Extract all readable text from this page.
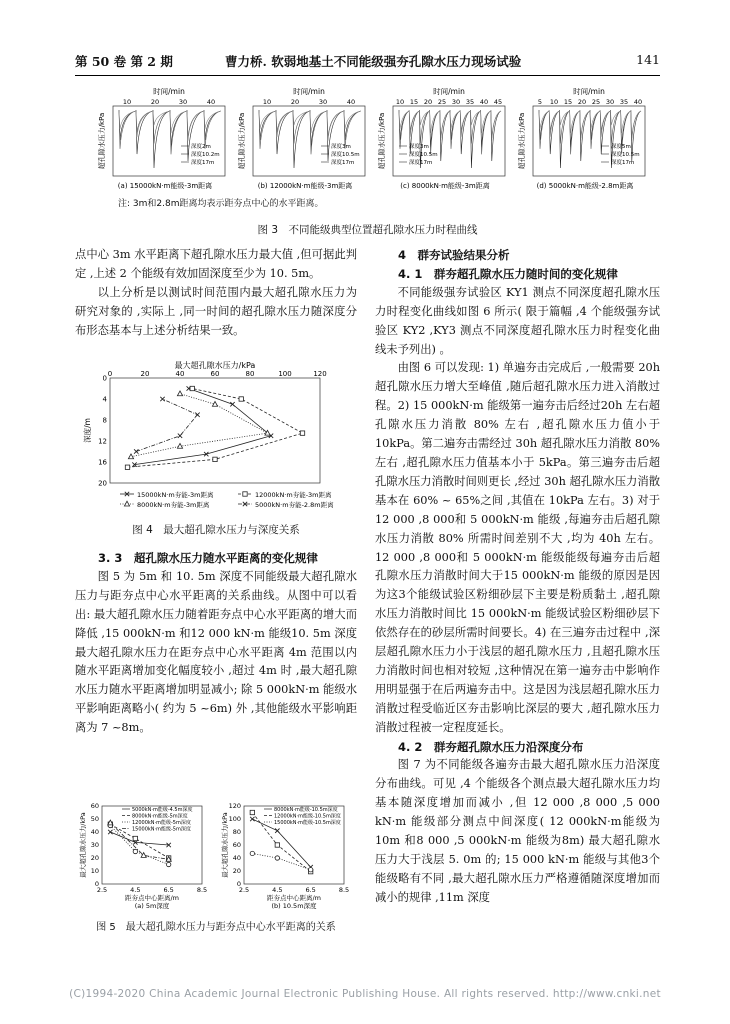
第 50 卷 第 2 期	曹力桥. 软弱地基土不同能级强夯孔隙水压力现场试验	141
时间/min
10	20	30	40
超孔隙水压力/kPa	深度2m
深度10.2m
深度17m
(a) 15000kN·m能级-3m距离
时间/min
10	20	30	40
超孔隙水压力/kPa	深度3m
深度10.5m
深度17m
(b) 12000kN·m能级-3m距离
时间/min
10 15 20 25 30 35 40 45
超孔隙水压力/kPa	深度3m
深度10.5m
深度17m
(c) 8000kN·m能级-3m距离
时间/min
5 10 15 20 25 30 35 40
超孔隙水压力/kPa	深度5m
深度10.5m
深度17m
(d) 5000kN·m能级-2.8m距离
注: 3m和2.8m距离均表示距夯点中心的水平距离。
图 3　不同能级典型位置超孔隙水压力时程曲线

点中心 3m 水平距离下超孔隙水压力最大值 ,但可据此判定 ,上述 2 个能级有效加固深度至少为 10. 5m。

以上分析是以测试时间范围内最大超孔隙水压力为研究对象的 ,实际上 ,同一时间的超孔隙水压力随深度分布形态基本与上述分析结果一致。

最大超孔隙水压力/kPa
0	20	40	60	80	100	120
0
4
8
12
16
20
深度/m
15000kN·m夯能-3m距离	12000kN·m夯能-3m距离
8000kN·m夯能-3m距离	5000kN·m夯能-2.8m距离
图 4　最大超孔隙水压力与深度关系

3. 3　超孔隙水压力随水平距离的变化规律

图 5 为 5m 和 10. 5m 深度不同能级最大超孔隙水压力与距夯点中心水平距离的关系曲线。从图中可以看出: 最大超孔隙水压力随着距夯点中心水平距离的增大而降低 ,15 000kN·m 和12 000 kN·m 能级10. 5m 深度最大超孔隙水压力在距夯点中心水平距离 4m 范围以内随水平距离增加变化幅度较小 ,超过 4m 时 ,最大超孔隙水压力随水平距离增加明显减小; 除 5 000kN·m 能级水平影响距离略小( 约为 5 ~6m) 外 ,其他能级水平影响距离为 7 ~8m。

2.5	4.5	6.5	8.5
0
10
20
30
40
50
60
最大超孔隙水压力/kPa
距夯点中心距离/m
(a) 5m深度
5000kN·m能级-4.5m深度
8000kN·m能级-5m深度
12000kN·m能级-5m深度
15000kN·m能级-5m深度
2.5	4.5	6.5	8.5
0
20
40
60
80
100
120
最大超孔隙水压力/kPa
距夯点中心距离/m
(b) 10.5m深度
8000kN·m能级-10.5m深度
12000kN·m能级-10.5m深度
15000kN·m能级-10.5m深度
图 5　最大超孔隙水压力与距夯点中心水平距离的关系

4　群夯试验结果分析

4. 1　群夯超孔隙水压力随时间的变化规律

不同能级强夯试验区 KY1 测点不同深度超孔隙水压力时程变化曲线如图 6 所示( 限于篇幅 ,4 个能级强夯试验区 KY2 ,KY3 测点不同深度超孔隙水压力时程变化曲线未予列出) 。

由图 6 可以发现: 1) 单遍夯击完成后 ,一般需要 20h 超孔隙水压力增大至峰值 ,随后超孔隙水压力进入消散过程。2) 15 000kN·m 能级第一遍夯击后经过20h 左右超孔隙水压力消散 80% 左右 ,超孔隙水压力值小于 10kPa。第二遍夯击需经过 30h 超孔隙水压力消散 80%左右 ,超孔隙水压力值基本小于 5kPa。第三遍夯击后超孔隙水压力消散时间则更长 ,经过 30h 超孔隙水压力消散基本在 60% ~ 65%之间 ,其值在 10kPa 左右。3) 对于 12 000 ,8 000和 5 000kN·m 能级 ,每遍夯击后超孔隙水压力消散 80% 所需时间差别不大 ,均为 40h 左右。12 000 ,8 000和 5 000kN·m 能级能级每遍夯击后超孔隙水压力消散时间大于15 000kN·m 能级的原因是因为这3个能级试验区粉细砂层下主要是粉质黏土 ,超孔隙水压力消散时间比 15 000kN·m 能级试验区粉细砂层下依然存在的砂层所需时间要长。4) 在三遍夯击过程中 ,深层超孔隙水压力小于浅层的超孔隙水压力 ,且超孔隙水压力消散时间也相对较短 ,这种情况在第一遍夯击中影响作用明显强于在后两遍夯击中。这是因为浅层超孔隙水压力消散过程受临近区夯击影响比深层的要大 ,超孔隙水压力消散过程被一定程度延长。

4. 2　群夯超孔隙水压力沿深度分布

图 7 为不同能级各遍夯击最大超孔隙水压力沿深度分布曲线。可见 ,4 个能级各个测点最大超孔隙水压力均基本随深度增加而减小 ,但 12 000 ,8 000 ,5 000 kN·m 能级部分测点中间深度( 12 000kN·m能级为10m 和8 000 ,5 000kN·m 能级为8m) 最大超孔隙水压力大于浅层 5. 0m 的; 15 000 kN·m 能级与其他3个能级略有不同 ,最大超孔隙水压力严格遵循随深度增加而减小的规律 ,11m 深度

(C)1994-2020 China Academic Journal Electronic Publishing House. All rights reserved. http://www.cnki.net
